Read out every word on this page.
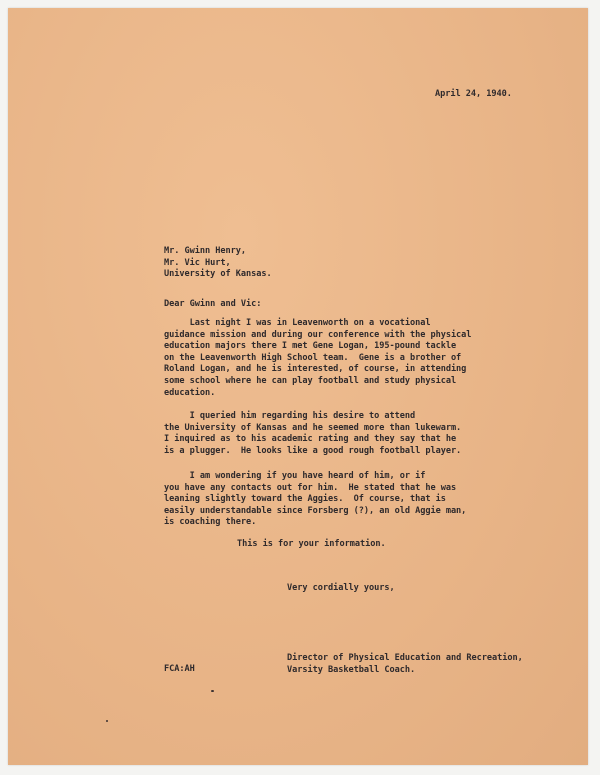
April 24, 1940.

Mr. Gwinn Henry,
Mr. Vic Hurt,
University of Kansas.

Dear Gwinn and Vic:

Last night I was in Leavenworth on a vocational
guidance mission and during our conference with the physical
education majors there I met Gene Logan, 195-pound tackle
on the Leavenworth High School team.  Gene is a brother of
Roland Logan, and he is interested, of course, in attending
some school where he can play football and study physical
education.

I queried him regarding his desire to attend
the University of Kansas and he seemed more than lukewarm.
I inquired as to his academic rating and they say that he
is a plugger.  He looks like a good rough football player.

I am wondering if you have heard of him, or if
you have any contacts out for him.  He stated that he was
leaning slightly toward the Aggies.  Of course, that is
easily understandable since Forsberg (?), an old Aggie man,
is coaching there.

This is for your information.

Very cordially yours,

Director of Physical Education and Recreation,
Varsity Basketball Coach.

FCA:AH
